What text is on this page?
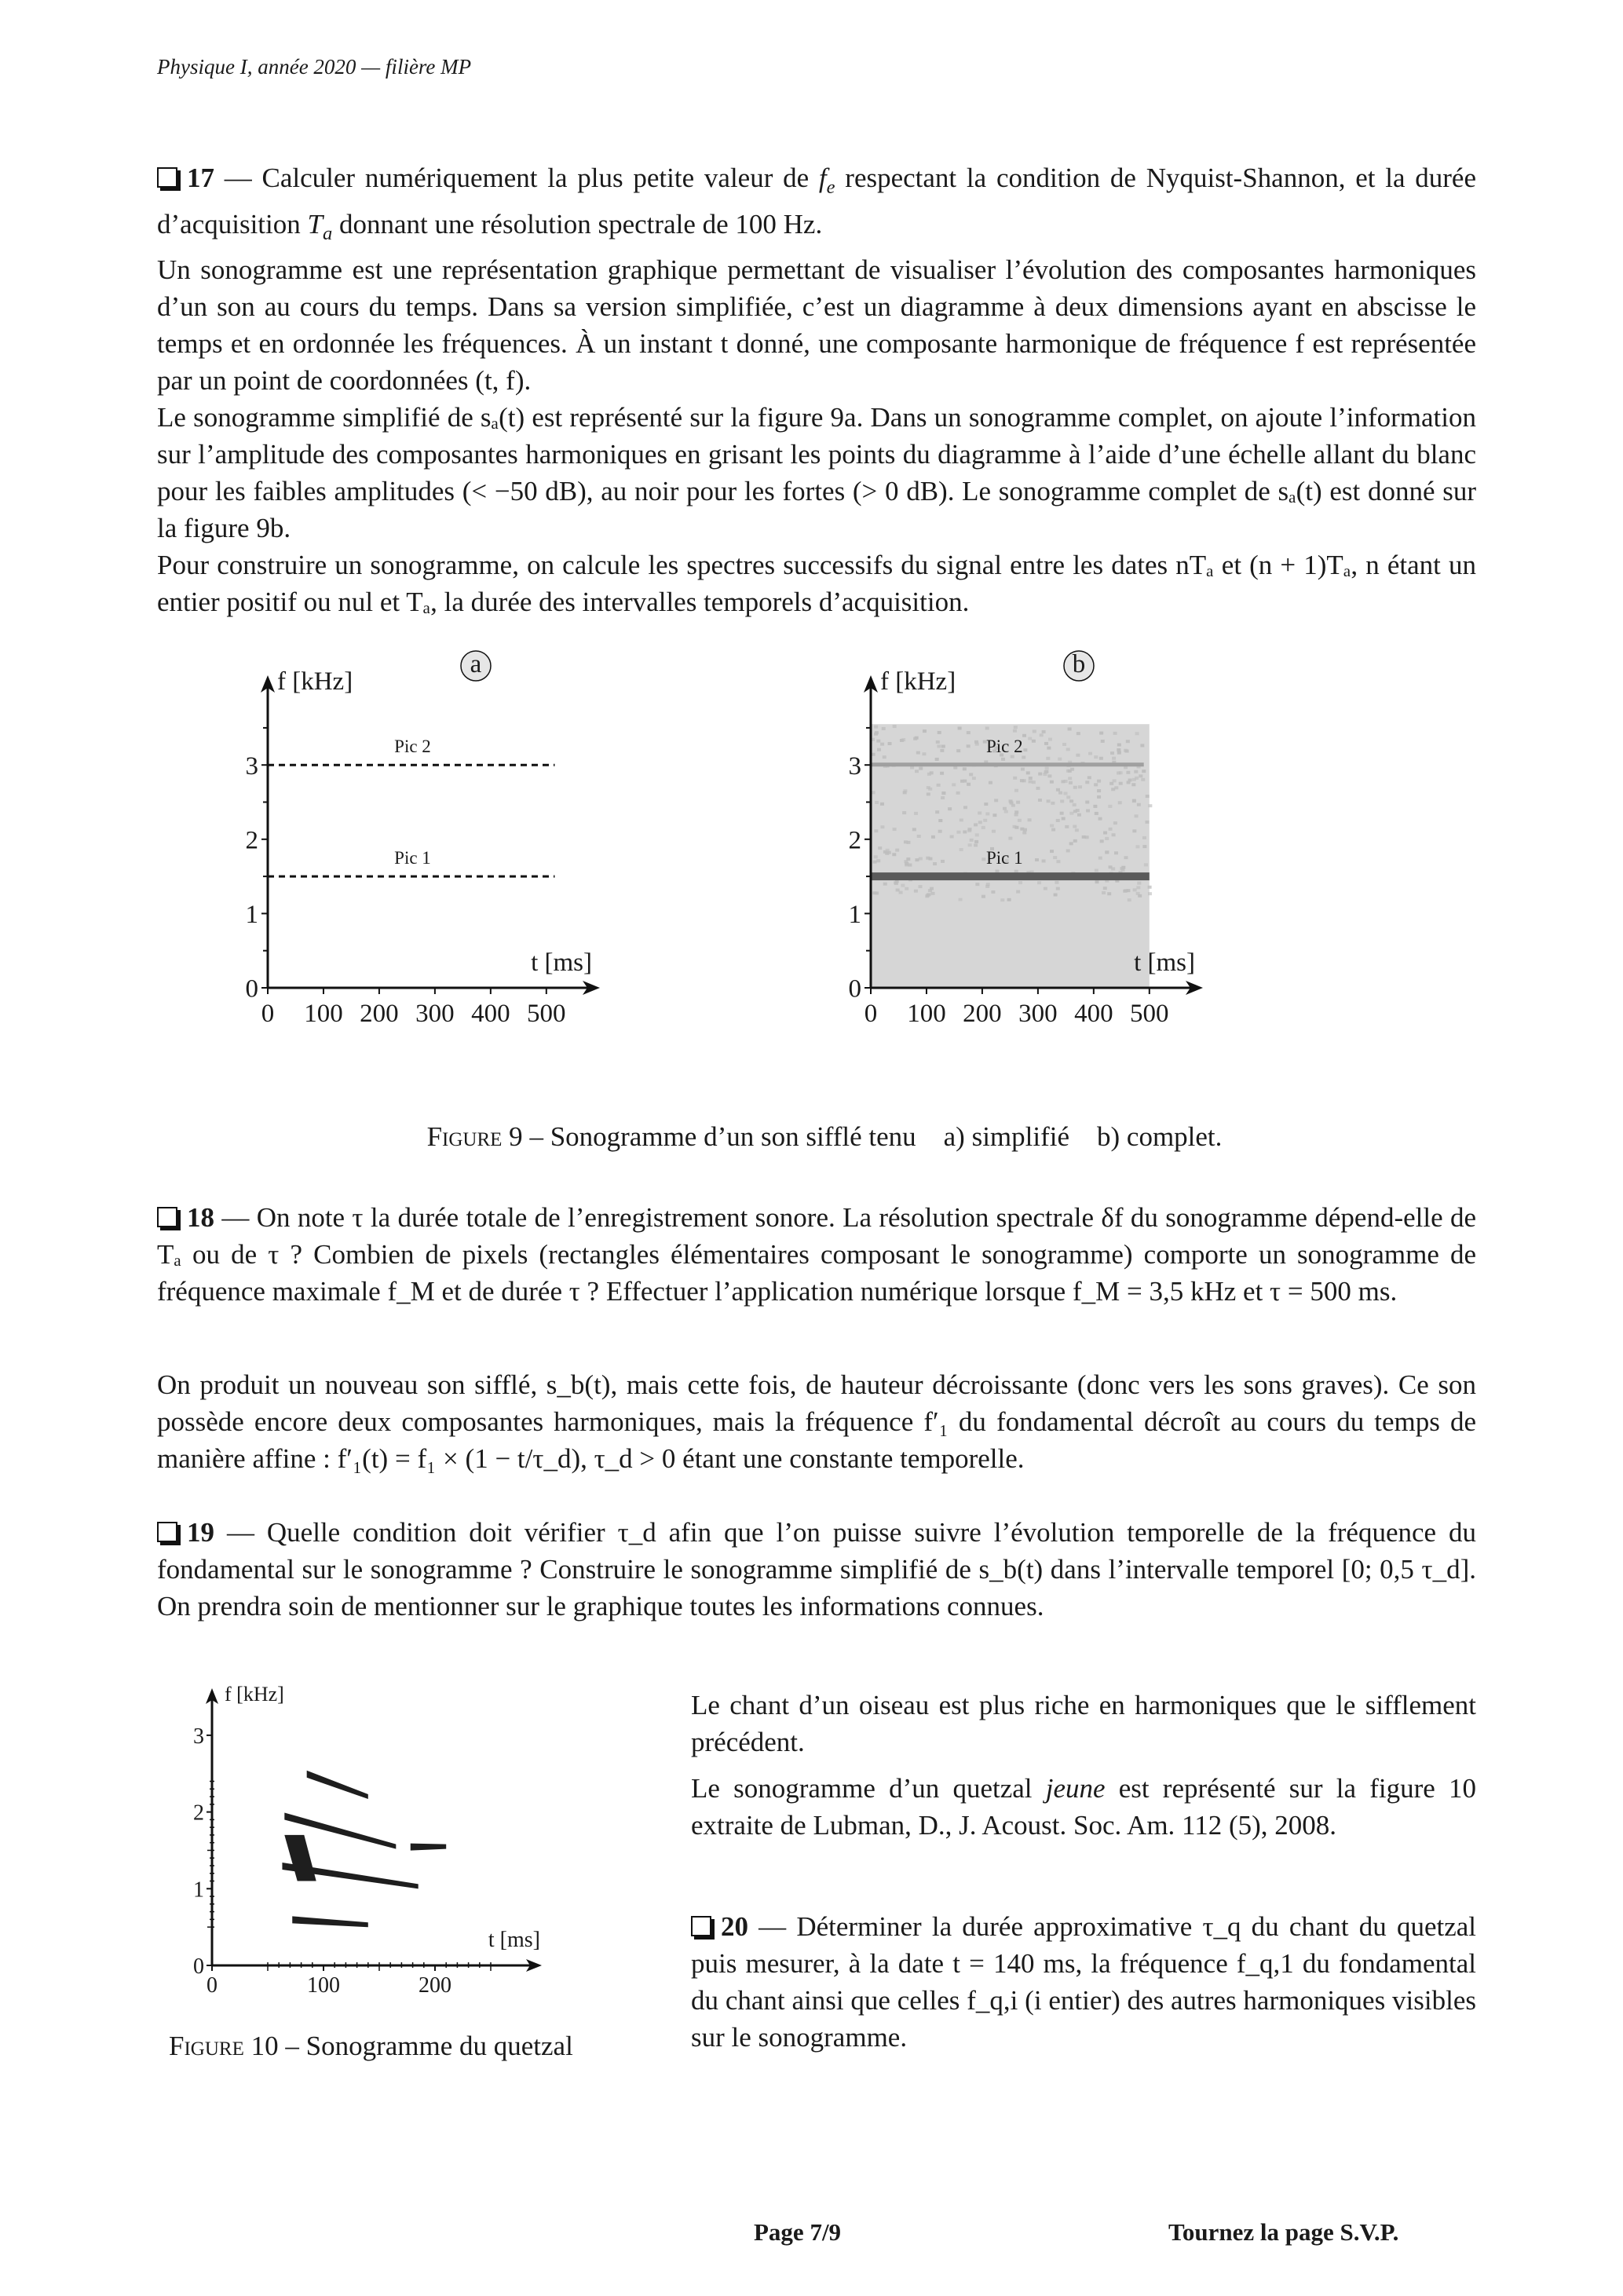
Physique I, année 2020 — filière MP

17 — Calculer numériquement la plus petite valeur de $f_e$ respectant la condition de Nyquist-Shannon, et la durée d’acquisition $T_a$ donnant une résolution spectrale de 100 Hz.

Un sonogramme est une représentation graphique permettant de visualiser l’évolution des composantes harmoniques d’un son au cours du temps. Dans sa version simplifiée, c’est un diagramme à deux dimensions ayant en abscisse le temps et en ordonnée les fréquences. À un instant t donné, une composante harmonique de fréquence f est représentée par un point de coordonnées (t, f).

Le sonogramme simplifié de sₐ(t) est représenté sur la figure 9a. Dans un sonogramme complet, on ajoute l’information sur l’amplitude des composantes harmoniques en grisant les points du diagramme à l’aide d’une échelle allant du blanc pour les faibles amplitudes (< −50 dB), au noir pour les fortes (> 0 dB). Le sonogramme complet de sₐ(t) est donné sur la figure 9b.

Pour construire un sonogramme, on calcule les spectres successifs du signal entre les dates nTₐ et (n + 1)Tₐ, n étant un entier positif ou nul et Tₐ, la durée des intervalles temporels d’acquisition.

Pic 2
Pic 1
0 100 200 300 400 500
0
1
2
3
f [kHz]
t [ms]
a
Pic 2
Pic 1
0 100 200 300 400 500
0
1
2
3
f [kHz]
t [ms]
b
Figure 9 – Sonogramme d’un son sifflé tenu    a) simplifié    b) complet.

18 — On note τ la durée totale de l’enregistrement sonore. La résolution spectrale δf du sonogramme dépend-elle de Tₐ ou de τ ? Combien de pixels (rectangles élémentaires composant le sonogramme) comporte un sonogramme de fréquence maximale f_M et de durée τ ? Effectuer l’application numérique lorsque f_M = 3,5 kHz et τ = 500 ms.

On produit un nouveau son sifflé, s_b(t), mais cette fois, de hauteur décroissante (donc vers les sons graves). Ce son possède encore deux composantes harmoniques, mais la fréquence f′₁ du fondamental décroît au cours du temps de manière affine : f′₁(t) = f₁ × (1 − t/τ_d), τ_d > 0 étant une constante temporelle.

19 — Quelle condition doit vérifier τ_d afin que l’on puisse suivre l’évolution temporelle de la fréquence du fondamental sur le sonogramme ? Construire le sonogramme simplifié de s_b(t) dans l’intervalle temporel [0; 0,5 τ_d]. On prendra soin de mentionner sur le graphique toutes les informations connues.

0	100	200
0
1
2
3
f [kHz]
t [ms]
Figure 10 – Sonogramme du quetzal

Le chant d’un oiseau est plus riche en harmoniques que le sifflement précédent.

Le sonogramme d’un quetzal jeune est représenté sur la figure 10 extraite de Lubman, D., J. Acoust. Soc. Am. 112 (5), 2008.

20 — Déterminer la durée approximative τ_q du chant du quetzal puis mesurer, à la date t = 140 ms, la fréquence f_q,1 du fondamental du chant ainsi que celles f_q,i (i entier) des autres harmoniques visibles sur le sonogramme.

Page 7/9	Tournez la page S.V.P.
